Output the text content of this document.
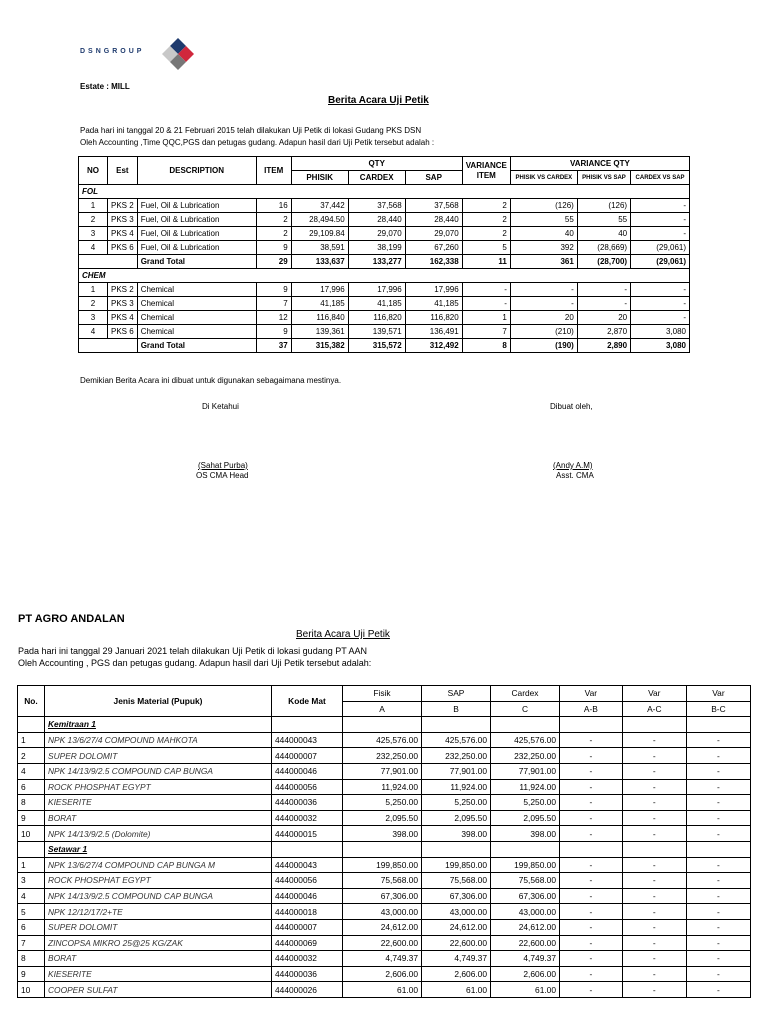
DSNGROUP
Estate : MILL
Berita Acara Uji Petik
Pada hari ini tanggal 20 & 21 Februari 2015 telah dilakukan Uji Petik di lokasi Gudang PKS DSN
Oleh Accounting ,Time QQC,PGS dan petugas gudang. Adapun hasil dari Uji Petik tersebut adalah :
NO	Est	DESCRIPTION	ITEM	QTY			VARIANCE ITEM	VARIANCE QTY		
				PHISIK	CARDEX	SAP		PHISIK VS CARDEX	PHISIK VS SAP	CARDEX VS SAP
FOL										
1	PKS 2	Fuel, Oil & Lubrication	16	37,442	37,568	37,568	2	(126)	(126)	-
2	PKS 3	Fuel, Oil & Lubrication	2	28,494.50	28,440	28,440	2	55	55	-
3	PKS 4	Fuel, Oil & Lubrication	2	29,109.84	29,070	29,070	2	40	40	-
4	PKS 6	Fuel, Oil & Lubrication	9	38,591	38,199	67,260	5	392	(28,669)	(29,061)
		Grand Total	29	133,637	133,277	162,338	11	361	(28,700)	(29,061)
CHEM										
1	PKS 2	Chemical	9	17,996	17,996	17,996	-	-	-	-
2	PKS 3	Chemical	7	41,185	41,185	41,185	-	-	-	-
3	PKS 4	Chemical	12	116,840	116,820	116,820	1	20	20	-
4	PKS 6	Chemical	9	139,361	139,571	136,491	7	(210)	2,870	3,080
		Grand Total	37	315,382	315,572	312,492	8	(190)	2,890	3,080
Demikian Berita Acara ini dibuat untuk digunakan sebagaimana mestinya.
Di Ketahui	Dibuat oleh,
(Sahat Purba)
OS CMA Head
(Andy A.M)
Asst. CMA
PT AGRO ANDALAN
Berita Acara Uji Petik
Pada hari ini tanggal 29 Januari 2021 telah dilakukan Uji Petik di lokasi gudang PT AAN
Oleh Accounting , PGS dan petugas gudang. Adapun hasil dari Uji Petik tersebut adalah:
No.	Jenis Material (Pupuk)	Kode Mat	Fisik	SAP	Cardex	Var	Var	Var
			A	B	C	A-B	A-C	B-C
	Kemitraan 1							
1	NPK 13/6/27/4 COMPOUND MAHKOTA	444000043	425,576.00	425,576.00	425,576.00	-	-	-
2	SUPER DOLOMIT	444000007	232,250.00	232,250.00	232,250.00	-	-	-
4	NPK 14/13/9/2.5 COMPOUND CAP BUNGA	444000046	77,901.00	77,901.00	77,901.00	-	-	-
6	ROCK PHOSPHAT EGYPT	444000056	11,924.00	11,924.00	11,924.00	-	-	-
8	KIESERITE	444000036	5,250.00	5,250.00	5,250.00	-	-	-
9	BORAT	444000032	2,095.50	2,095.50	2,095.50	-	-	-
10	NPK 14/13/9/2.5 (Dolomite)	444000015	398.00	398.00	398.00	-	-	-
	Setawar 1							
1	NPK 13/6/27/4 COMPOUND CAP BUNGA M	444000043	199,850.00	199,850.00	199,850.00	-	-	-
3	ROCK PHOSPHAT EGYPT	444000056	75,568.00	75,568.00	75,568.00	-	-	-
4	NPK 14/13/9/2.5 COMPOUND CAP BUNGA	444000046	67,306.00	67,306.00	67,306.00	-	-	-
5	NPK 12/12/17/2+TE	444000018	43,000.00	43,000.00	43,000.00	-	-	-
6	SUPER DOLOMIT	444000007	24,612.00	24,612.00	24,612.00	-	-	-
7	ZINCOPSA MIKRO 25@25 KG/ZAK	444000069	22,600.00	22,600.00	22,600.00	-	-	-
8	BORAT	444000032	4,749.37	4,749.37	4,749.37	-	-	-
9	KIESERITE	444000036	2,606.00	2,606.00	2,606.00	-	-	-
10	COOPER SULFAT	444000026	61.00	61.00	61.00	-	-	-
